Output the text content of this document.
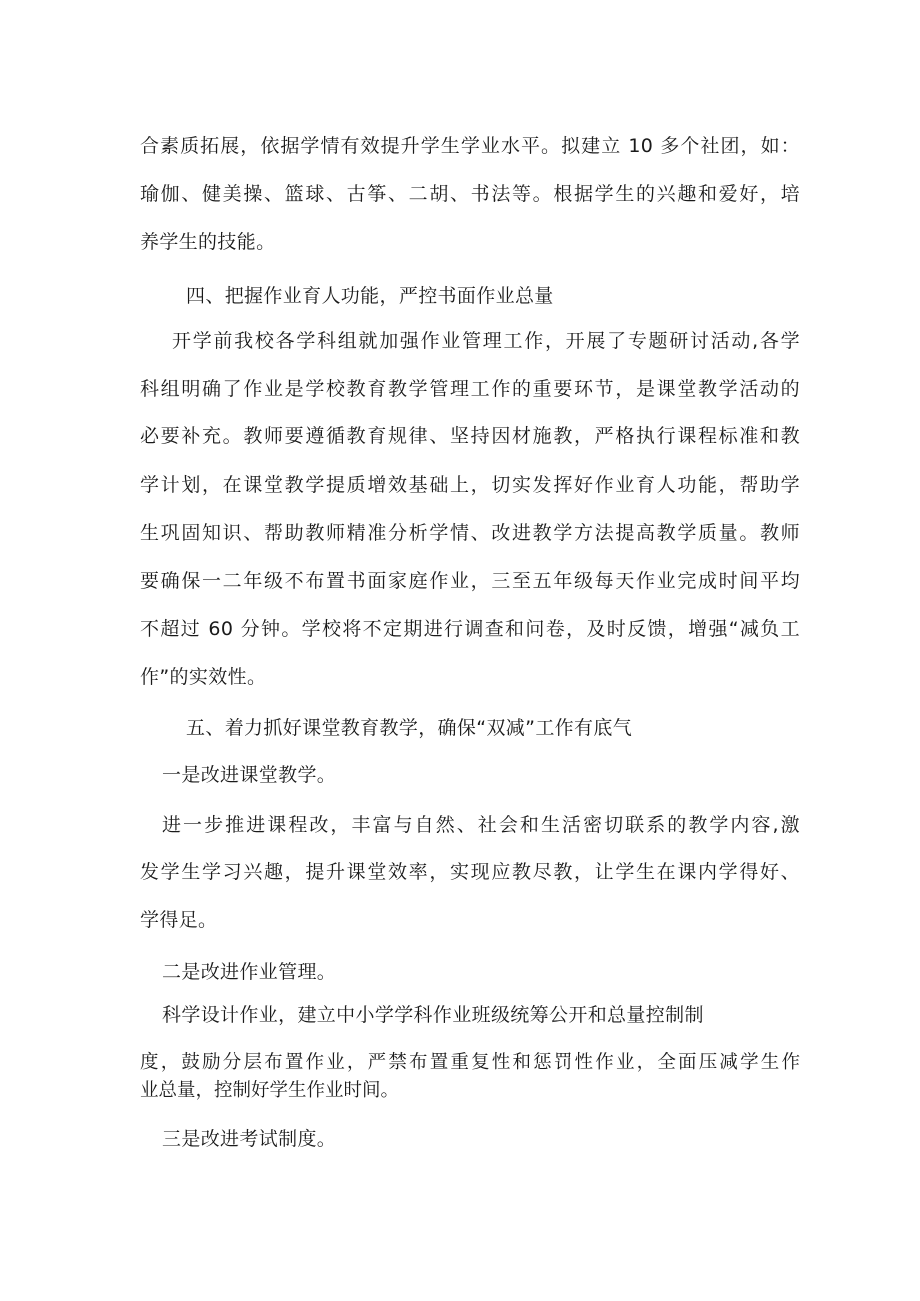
合素质拓展，依据学情有效提升学生学业水平。拟建立 10 多个社团，如：
瑜伽、健美操、篮球、古筝、二胡、书法等。根据学生的兴趣和爱好，培
养学生的技能。
四、把握作业育人功能，严控书面作业总量
开学前我校各学科组就加强作业管理工作，开展了专题研讨活动,各学
科组明确了作业是学校教育教学管理工作的重要环节，是课堂教学活动的
必要补充。教师要遵循教育规律、坚持因材施教，严格执行课程标准和教
学计划，在课堂教学提质增效基础上，切实发挥好作业育人功能，帮助学
生巩固知识、帮助教师精准分析学情、改进教学方法提高教学质量。教师
要确保一二年级不布置书面家庭作业，三至五年级每天作业完成时间平均
不超过 60 分钟。学校将不定期进行调查和问卷，及时反馈，增强“减负工
作”的实效性。
五、着力抓好课堂教育教学，确保“双减”工作有底气
一是改进课堂教学。
进一步推进课程改，丰富与自然、社会和生活密切联系的教学内容,激
发学生学习兴趣，提升课堂效率，实现应教尽教，让学生在课内学得好、
学得足。
二是改进作业管理。
科学设计作业，建立中小学学科作业班级统筹公开和总量控制制
度，鼓励分层布置作业，严禁布置重复性和惩罚性作业，全面压减学生作
业总量，控制好学生作业时间。
三是改进考试制度。
